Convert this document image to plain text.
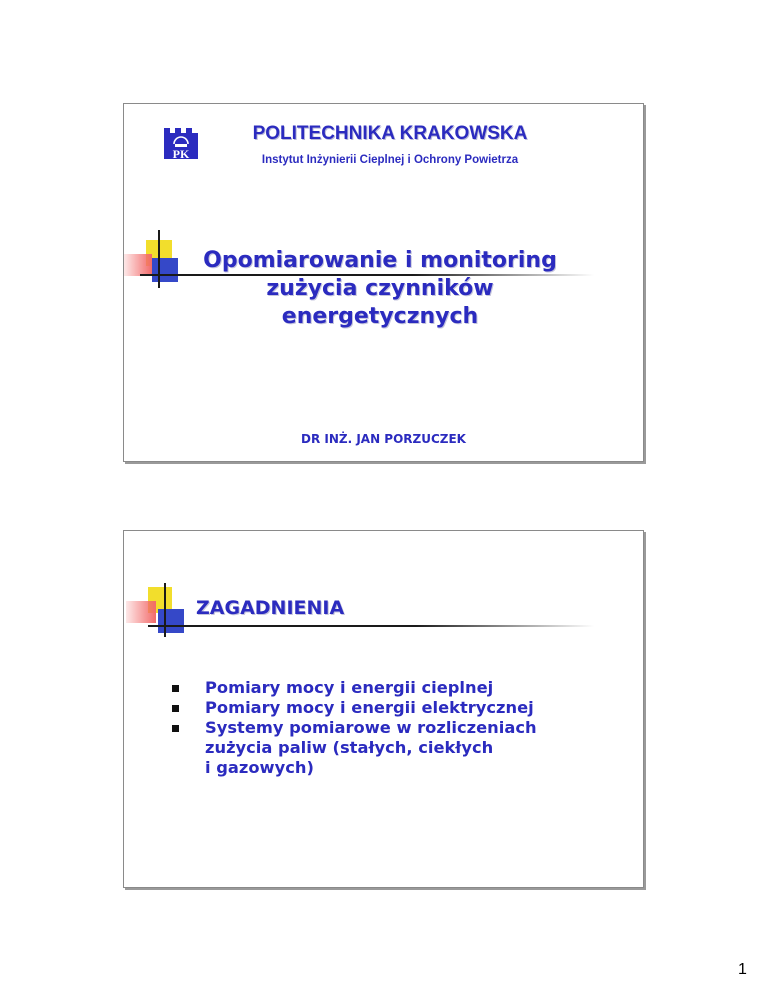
PK
POLITECHNIKA KRAKOWSKA
Instytut Inżynierii Cieplnej i Ochrony Powietrza
Opomiarowanie i monitoring
zużycia czynników
energetycznych
DR INŻ. JAN PORZUCZEK
ZAGADNIENIA
Pomiary mocy i energii cieplnej
Pomiary mocy i energii elektrycznej
Systemy pomiarowe w rozliczeniach
zużycia paliw (stałych, ciekłych
i gazowych)
1
